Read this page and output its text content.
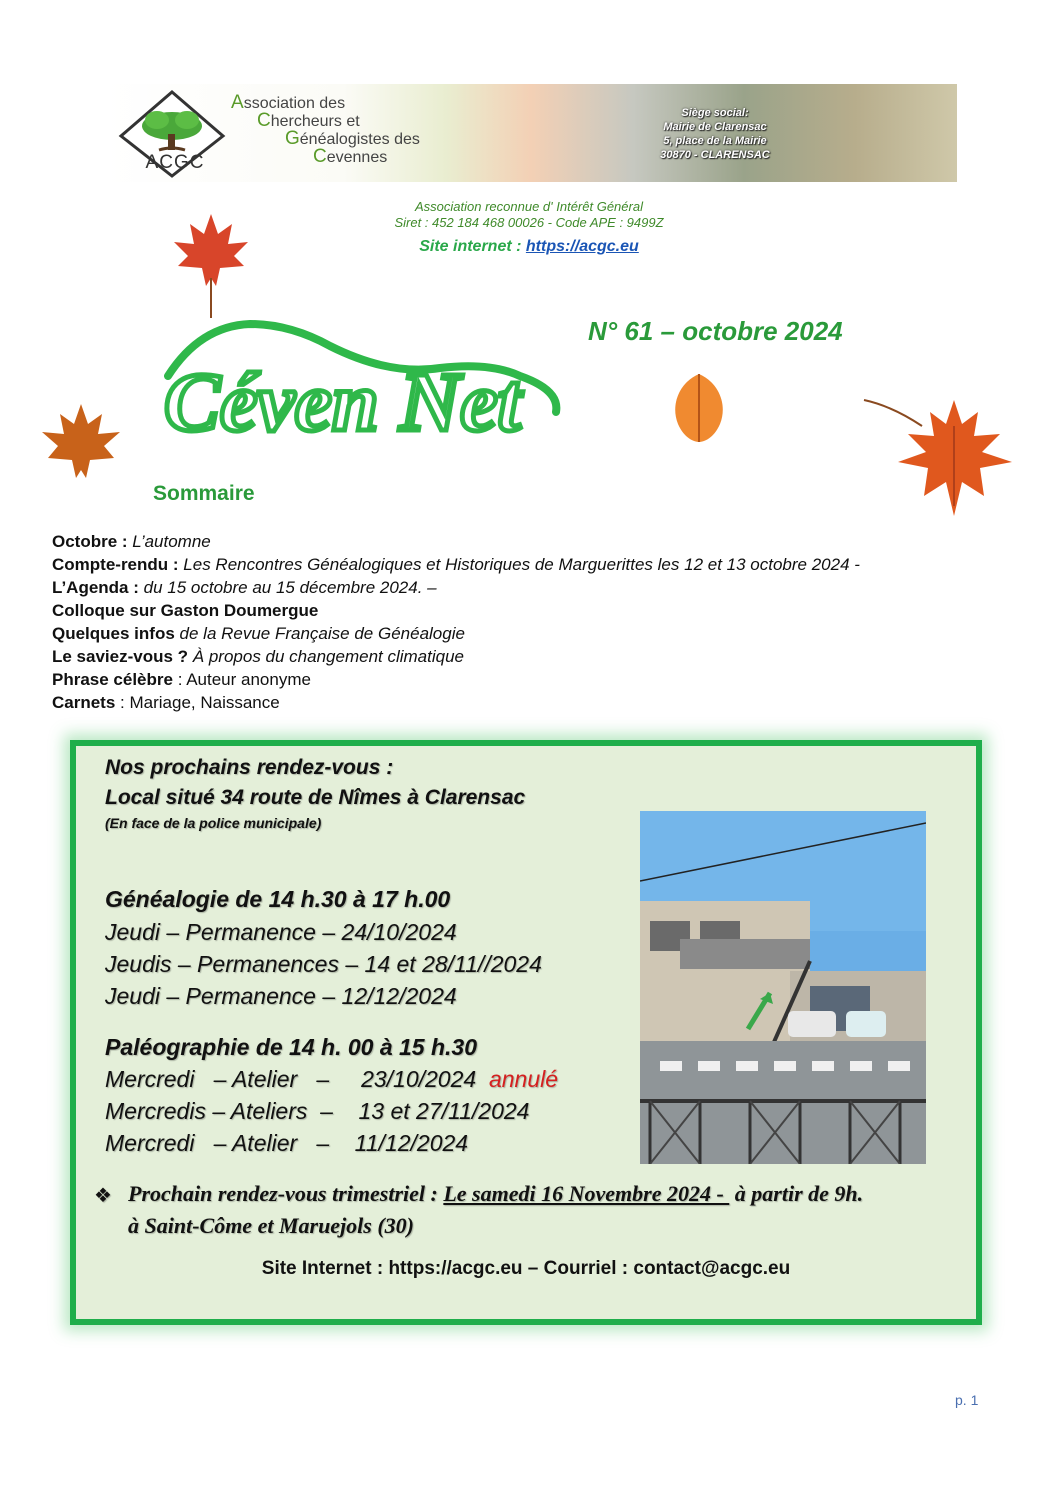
ACGC
Association des
Chercheurs et
Généalogistes des
Cevennes
Siège social:
Mairie de Clarensac
5, place de la Mairie
30870 - CLARENSAC
Association reconnue d' Intérêt Général
Siret : 452 184 468 00026 - Code APE : 9499Z
Site internet : https://acgc.eu
Céven Net
N° 61 – octobre 2024
Sommaire
Octobre : L’automne
Compte-rendu : Les Rencontres Généalogiques et Historiques de Marguerittes les 12 et 13 octobre 2024 -
L’Agenda : du 15 octobre au 15 décembre 2024. –
Colloque sur Gaston Doumergue
Quelques infos de la Revue Française de Généalogie
Le saviez-vous ? À propos du changement climatique
Phrase célèbre : Auteur anonyme
Carnets : Mariage, Naissance
Nos prochains rendez-vous :
Local situé 34 route de Nîmes à Clarensac
(En face de la police municipale)
Généalogie de 14 h.30 à 17 h.00
Jeudi – Permanence – 24/10/2024
Jeudis – Permanences – 14 et 28/11//2024
Jeudi – Permanence – 12/12/2024
Paléographie de 14 h. 00 à 15 h.30
Mercredi   – Atelier   –     23/10/2024  annulé
Mercredis – Ateliers  –    13 et 27/11/2024
Mercredi   – Atelier   –    11/12/2024
❖ Prochain rendez-vous trimestriel : Le samedi 16 Novembre 2024 -  à partir de 9h.
à Saint-Côme et Maruejols (30)
Site Internet : https://acgc.eu – Courriel : contact@acgc.eu
p. 1
